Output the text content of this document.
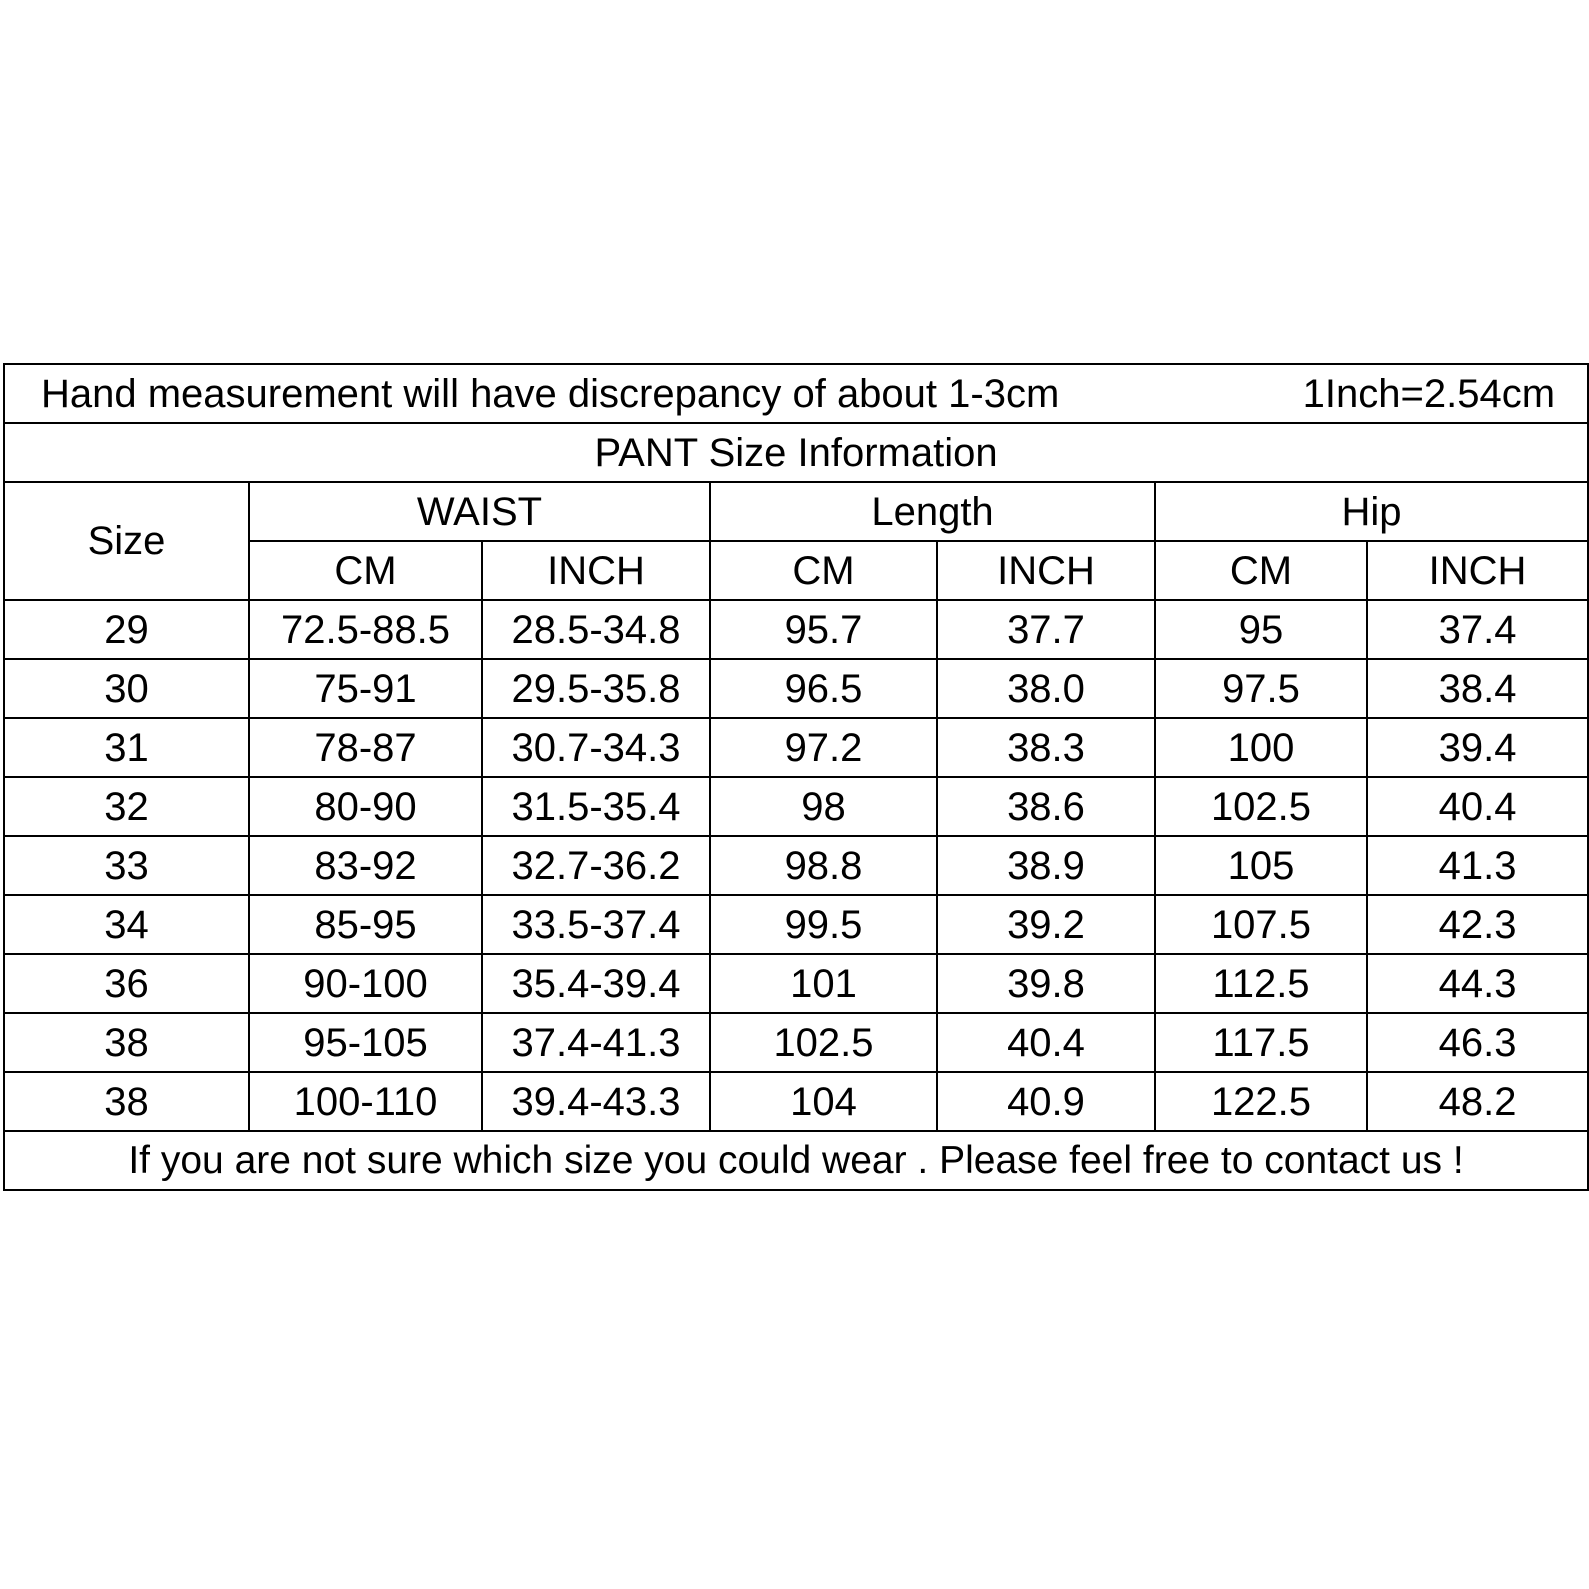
Hand measurement will have discrepancy of about 1-3cm 1Inch=2.54cm						

PANT Size Information						
Size	WAIST		Length		Hip	
	CM	INCH	CM	INCH	CM	INCH
29	72.5-88.5	28.5-34.8	95.7	37.7	95	37.4
30	75-91	29.5-35.8	96.5	38.0	97.5	38.4
31	78-87	30.7-34.3	97.2	38.3	100	39.4
32	80-90	31.5-35.4	98	38.6	102.5	40.4
33	83-92	32.7-36.2	98.8	38.9	105	41.3
34	85-95	33.5-37.4	99.5	39.2	107.5	42.3
36	90-100	35.4-39.4	101	39.8	112.5	44.3
38	95-105	37.4-41.3	102.5	40.4	117.5	46.3
38	100-110	39.4-43.3	104	40.9	122.5	48.2
If you are not sure which size you could wear . Please feel free to contact us !						
